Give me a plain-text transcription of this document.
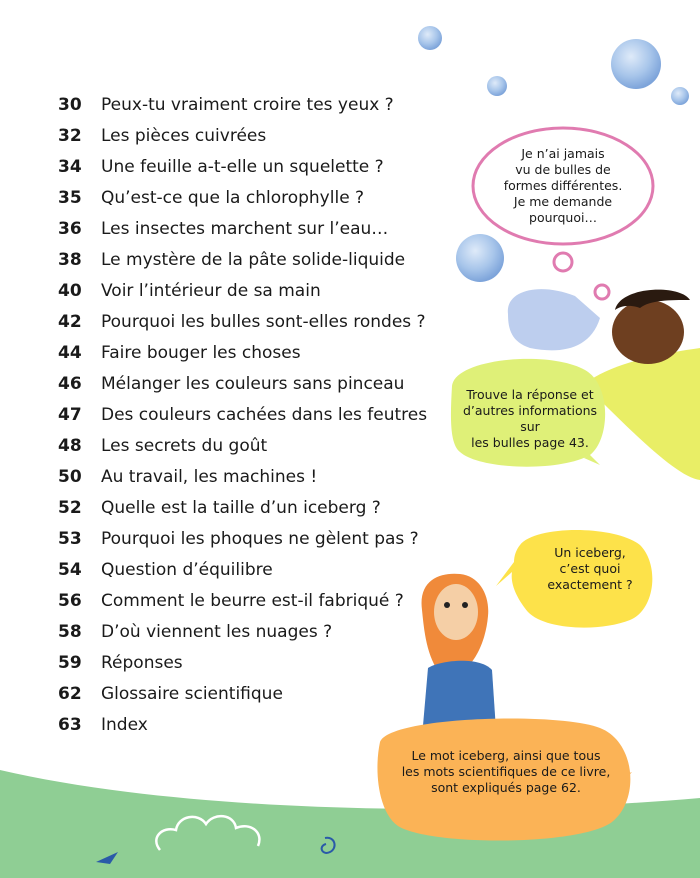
30	Peux-tu vraiment croire tes yeux ?
32	Les pièces cuivrées
34	Une feuille a-t-elle un squelette ?
35	Qu’est-ce que la chlorophylle ?
36	Les insectes marchent sur l’eau…
38	Le mystère de la pâte solide-liquide
40	Voir l’intérieur de sa main
42	Pourquoi les bulles sont-elles rondes ?
44	Faire bouger les choses
46	Mélanger les couleurs sans pinceau
47	Des couleurs cachées dans les feutres
48	Les secrets du goût
50	Au travail, les machines !
52	Quelle est la taille d’un iceberg ?
53	Pourquoi les phoques ne gèlent pas ?
54	Question d’équilibre
56	Comment le beurre est-il fabriqué ?
58	D’où viennent les nuages ?
59	Réponses
62	Glossaire scientifique
63	Index
Je n’ai jamais
vu de bulles de
formes différentes.
Je me demande
pourquoi…
Trouve la réponse et
d’autres informations sur
les bulles page 43.
Un iceberg,
c’est quoi
exactement ?
Le mot iceberg, ainsi que tous
les mots scientifiques de ce livre,
sont expliqués page 62.
